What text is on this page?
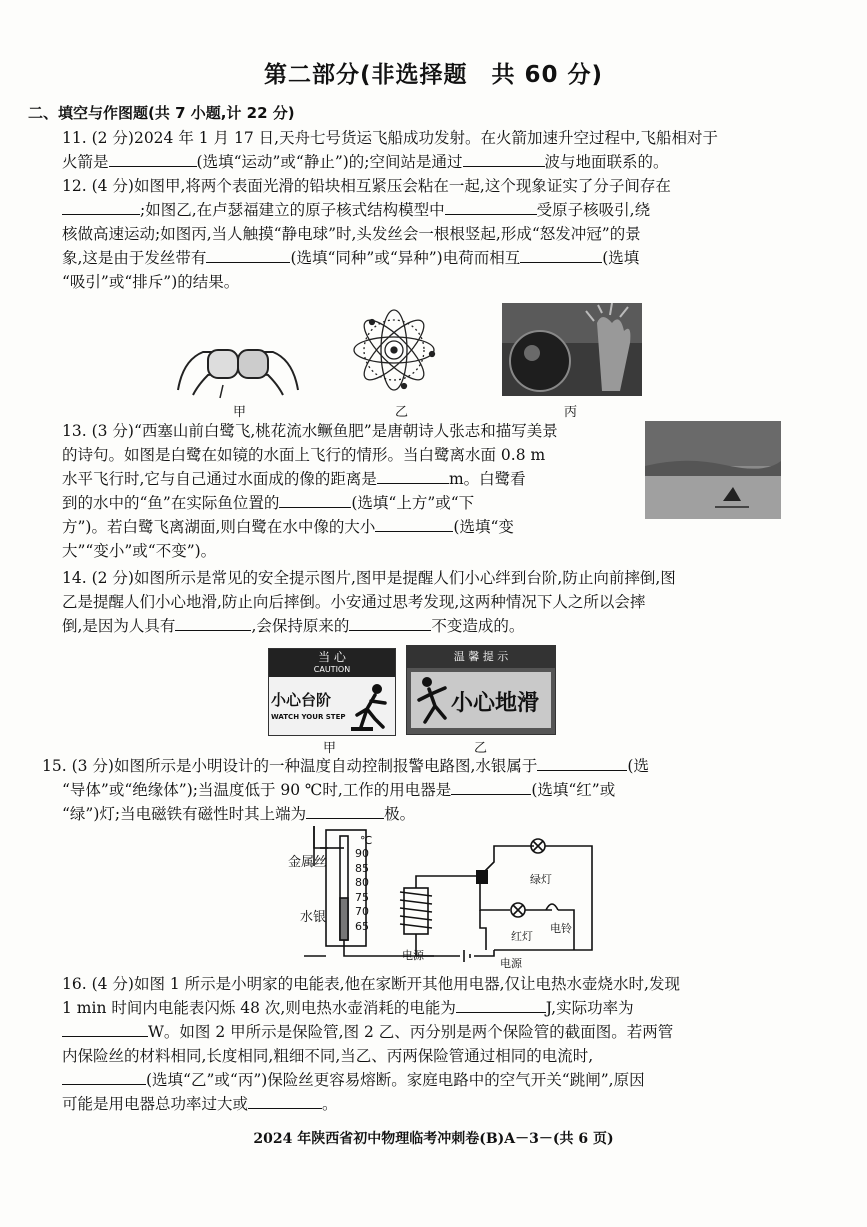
第二部分(非选择题　共 60 分)
二、填空与作图题(共 7 小题,计 22 分)
11. (2 分)2024 年 1 月 17 日,天舟七号货运飞船成功发射。在火箭加速升空过程中,飞船相对于
火箭是	(选填“运动”或“静止”)的;空间站是通过	波与地面联系的。
12. (4 分)如图甲,将两个表面光滑的铅块相互紧压会粘在一起,这个现象证实了分子间存在
;如图乙,在卢瑟福建立的原子核式结构模型中	受原子核吸引,绕
核做高速运动;如图丙,当人触摸“静电球”时,头发丝会一根根竖起,形成“怒发冲冠”的景
象,这是由于发丝带有	(选填“同种”或“异种”)电荷而相互	(选填
“吸引”或“排斥”)的结果。
甲	乙	丙
13. (3 分)“西塞山前白鹭飞,桃花流水鳜鱼肥”是唐朝诗人张志和描写美景
的诗句。如图是白鹭在如镜的水面上飞行的情形。当白鹭离水面 0.8 m
水平飞行时,它与自己通过水面成的像的距离是	m。白鹭看
到的水中的“鱼”在实际鱼位置的	(选填“上方”或“下
方”)。若白鹭飞离湖面,则白鹭在水中像的大小	(选填“变
大”“变小”或“不变”)。
14. (2 分)如图所示是常见的安全提示图片,图甲是提醒人们小心绊到台阶,防止向前摔倒,图
乙是提醒人们小心地滑,防止向后摔倒。小安通过思考发现,这两种情况下人之所以会摔
倒,是因为人具有	,会保持原来的	不变造成的。
当 心
CAUTION
小心台阶
WATCH YOUR STEP
温 馨 提 示
小心地滑
甲	乙
15. (3 分)如图所示是小明设计的一种温度自动控制报警电路图,水银属于	(选
“导体”或“绝缘体”);当温度低于 90 ℃时,工作的用电器是	(选填“红”或
“绿”)灯;当电磁铁有磁性时其上端为	极。
金属丝
水银
℃
90
85
80
75
70
65
电源
绿灯
红灯
电铃
电源
16. (4 分)如图 1 所示是小明家的电能表,他在家断开其他用电器,仅让电热水壶烧水时,发现
1 min 时间内电能表闪烁 48 次,则电热水壶消耗的电能为	J,实际功率为
W。如图 2 甲所示是保险管,图 2 乙、丙分别是两个保险管的截面图。若两管
内保险丝的材料相同,长度相同,粗细不同,当乙、丙两保险管通过相同的电流时,
(选填“乙”或“丙”)保险丝更容易熔断。家庭电路中的空气开关“跳闸”,原因
可能是用电器总功率过大或	。
2024 年陕西省初中物理临考冲刺卷(B)A－3－(共 6 页)
